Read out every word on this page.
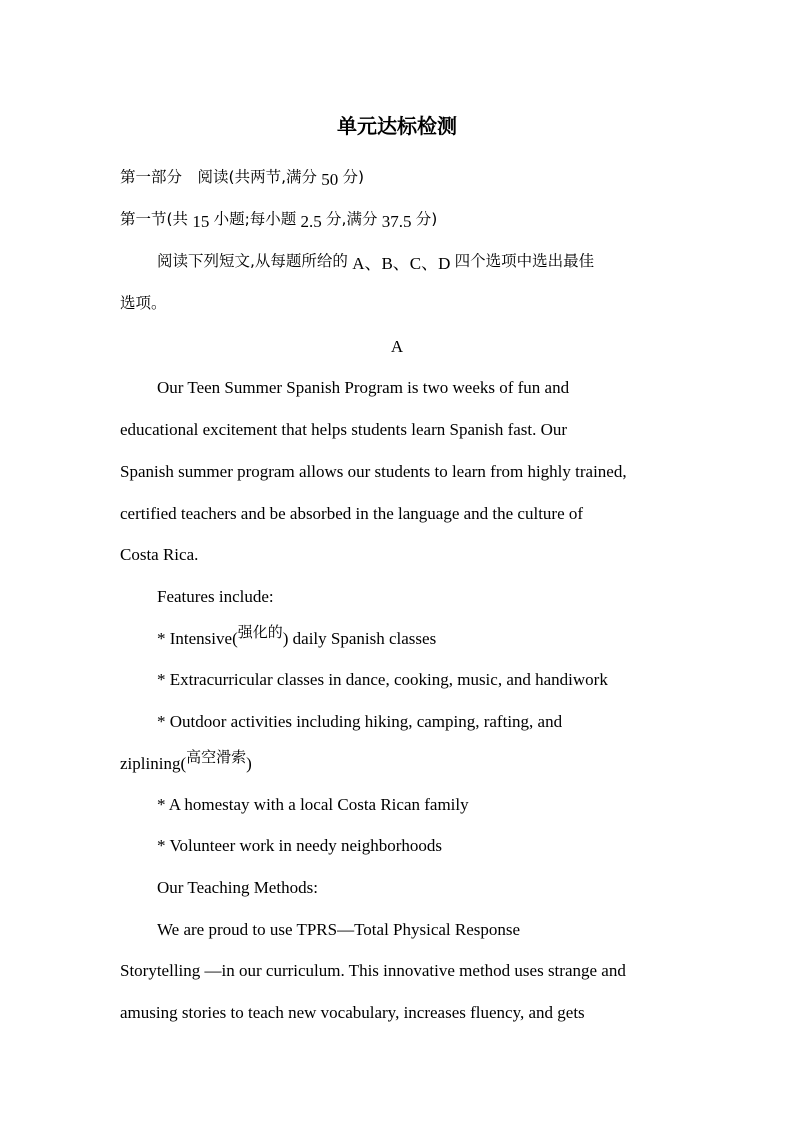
单元达标检测
第一部分　 阅读(共两节,满分 50 分)
第一节(共 15 小题;每小题 2.5 分,满分 37.5 分)
阅读下列短文,从每题所给的 A、B、C、D 四个选项中选出最佳
选项。
A
Our Teen Summer Spanish Program is two weeks of fun and
educational excitement that helps students learn Spanish fast. Our
Spanish summer program allows our students to learn from highly trained,
certified teachers and be absorbed in the language and the culture of
Costa Rica.
Features include:
* Intensive(强化的) daily Spanish classes
* Extracurricular classes in dance, cooking, music, and handiwork
* Outdoor activities including hiking, camping, rafting, and
ziplining(高空滑索)
* A homestay with a local Costa Rican family
* Volunteer work in needy neighborhoods
Our Teaching Methods:
We are proud to use TPRS—Total Physical Response
Storytelling —in our curriculum. This innovative method uses strange and
amusing stories to teach new vocabulary, increases fluency, and gets
